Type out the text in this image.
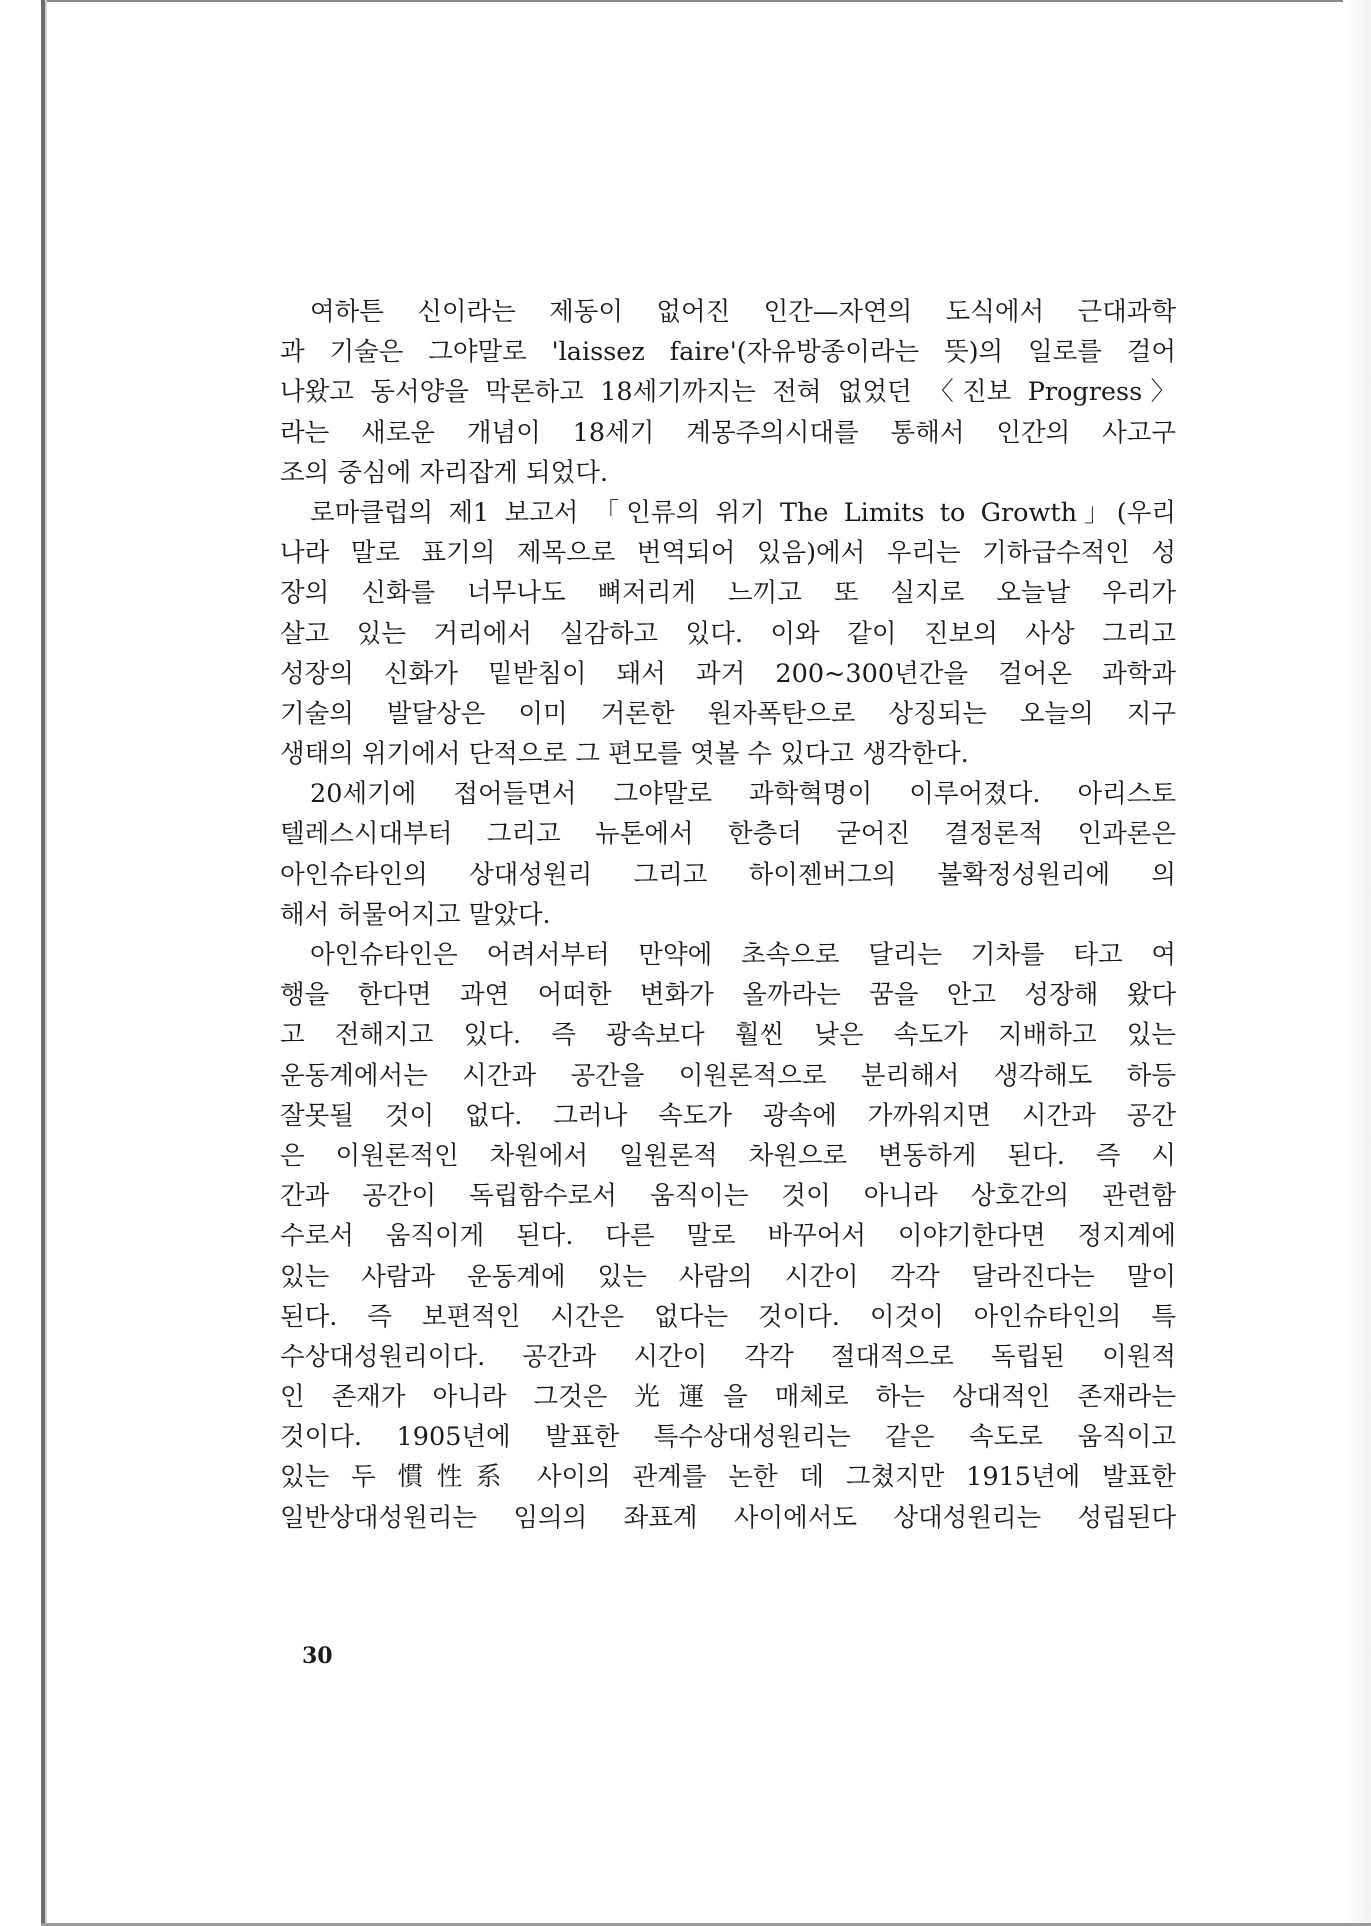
여하튼 신이라는 제동이 없어진 인간—자연의 도식에서 근대과학
과 기술은 그야말로 'laissez faire'(자유방종이라는 뜻)의 일로를 걸어
나왔고 동서양을 막론하고 18세기까지는 전혀 없었던 〈진보 Progress〉
라는 새로운 개념이 18세기 계몽주의시대를 통해서 인간의 사고구
조의 중심에 자리잡게 되었다.
로마클럽의 제1 보고서 「인류의 위기 The Limits to Growth」(우리
나라 말로 표기의 제목으로 번역되어 있음)에서 우리는 기하급수적인 성
장의 신화를 너무나도 뼈저리게 느끼고 또 실지로 오늘날 우리가
살고 있는 거리에서 실감하고 있다. 이와 같이 진보의 사상 그리고
성장의 신화가 밑받침이 돼서 과거 200~300년간을 걸어온 과학과
기술의 발달상은 이미 거론한 원자폭탄으로 상징되는 오늘의 지구
생태의 위기에서 단적으로 그 편모를 엿볼 수 있다고 생각한다.
20세기에 접어들면서 그야말로 과학혁명이 이루어졌다. 아리스토
텔레스시대부터 그리고 뉴톤에서 한층더 굳어진 결정론적 인과론은
아인슈타인의 상대성원리 그리고 하이젠버그의 불확정성원리에 의
해서 허물어지고 말았다.
아인슈타인은 어려서부터 만약에 초속으로 달리는 기차를 타고 여
행을 한다면 과연 어떠한 변화가 올까라는 꿈을 안고 성장해 왔다
고 전해지고 있다. 즉 광속보다 훨씬 낮은 속도가 지배하고 있는
운동계에서는 시간과 공간을 이원론적으로 분리해서 생각해도 하등
잘못될 것이 없다. 그러나 속도가 광속에 가까워지면 시간과 공간
은 이원론적인 차원에서 일원론적 차원으로 변동하게 된다. 즉 시
간과 공간이 독립함수로서 움직이는 것이 아니라 상호간의 관련함
수로서 움직이게 된다. 다른 말로 바꾸어서 이야기한다면 정지계에
있는 사람과 운동계에 있는 사람의 시간이 각각 달라진다는 말이
된다. 즉 보편적인 시간은 없다는 것이다. 이것이 아인슈타인의 특
수상대성원리이다. 공간과 시간이 각각 절대적으로 독립된 이원적
인 존재가 아니라 그것은 光運을 매체로 하는 상대적인 존재라는
것이다. 1905년에 발표한 특수상대성원리는 같은 속도로 움직이고
있는 두 慣性系 사이의 관계를 논한 데 그쳤지만 1915년에 발표한
일반상대성원리는 임의의 좌표계 사이에서도 상대성원리는 성립된다
30
